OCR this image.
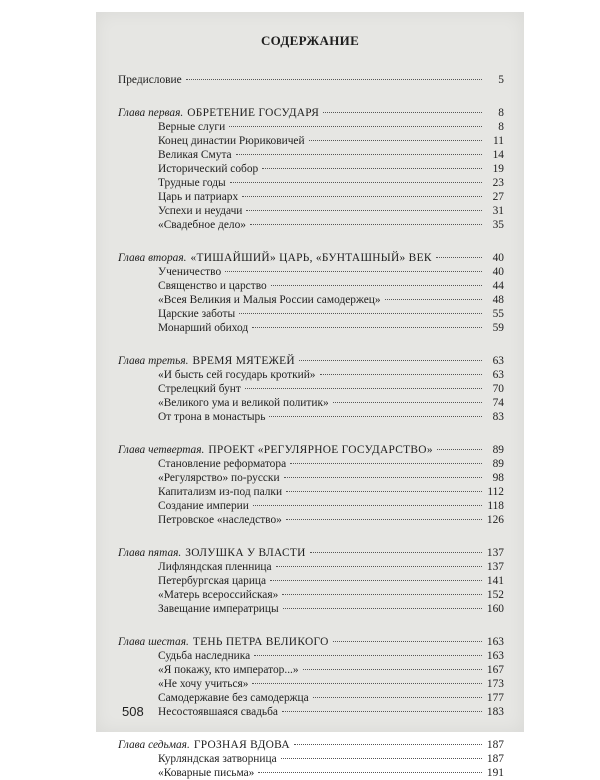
СОДЕРЖАНИЕ
Предисловие	5
Глава первая. ОБРЕТЕНИЕ ГОСУДАРЯ	8
Верные слуги	8
Конец династии Рюриковичей	11
Великая Смута	14
Исторический собор	19
Трудные годы	23
Царь и патриарх	27
Успехи и неудачи	31
«Свадебное дело»	35
Глава вторая. «ТИШАЙШИЙ» ЦАРЬ, «БУНТАШНЫЙ» ВЕК	40
Ученичество	40
Священство и царство	44
«Всея Великия и Малыя России самодержец»	48
Царские заботы	55
Монарший обиход	59
Глава третья. ВРЕМЯ МЯТЕЖЕЙ	63
«И бысть сей государь кроткий»	63
Стрелецкий бунт	70
«Великого ума и великой политик»	74
От трона в монастырь	83
Глава четвертая. ПРОЕКТ «РЕГУЛЯРНОЕ ГОСУДАРСТВО»	89
Становление реформатора	89
«Регулярство» по-русски	98
Капитализм из-под палки	112
Создание империи	118
Петровское «наследство»	126
Глава пятая. ЗОЛУШКА У ВЛАСТИ	137
Лифляндская пленница	137
Петербургская царица	141
«Матерь всероссийская»	152
Завещание императрицы	160
Глава шестая. ТЕНЬ ПЕТРА ВЕЛИКОГО	163
Судьба наследника	163
«Я покажу, кто император...»	167
«Не хочу учиться»	173
Самодержавие без самодержца	177
Несостоявшаяся свадьба	183
Глава седьмая. ГРОЗНАЯ ВДОВА	187
Курляндская затворница	187
«Коварные письма»	191
508
